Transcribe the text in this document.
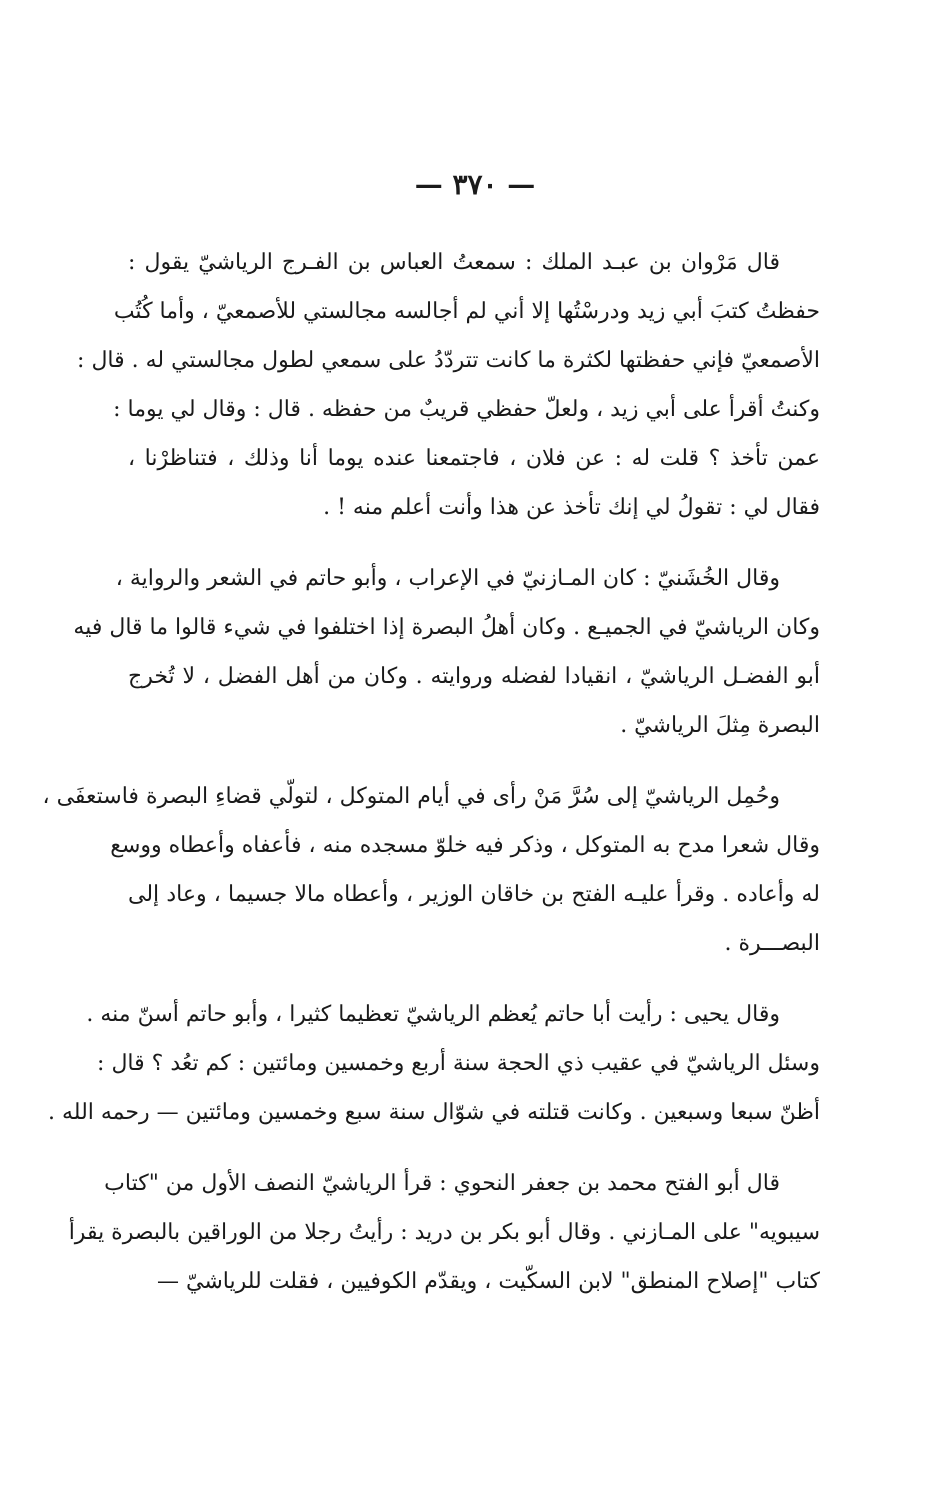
— ٣٧٠ —
قال مَرْوان بن عبـد الملك : سمعتُ العباس بن الفـرج الرياشيّ يقول :
حفظتُ كتبَ أبي زيد ودرسْتُها إلا أني لم أجالسه مجالستي للأصمعيّ ، وأما كُتُب
الأصمعيّ فإني حفظتها لكثرة ما كانت تتردّدُ على سمعي لطول مجالستي له . قال :
وكنتُ أقرأ على أبي زيد ، ولعلّ حفظي قريبٌ من حفظه . قال : وقال لي يوما :
عمن تأخذ ؟ قلت له : عن فلان ، فاجتمعنا عنده يوما أنا وذلك ، فتناظرْنا ،
فقال لي : تقولُ لي إنك تأخذ عن هذا وأنت أعلم منه ! .
وقال الخُشَنيّ : كان المـازنيّ في الإعراب ، وأبو حاتم في الشعر والرواية ،
وكان الرياشيّ في الجميـع . وكان أهلُ البصرة إذا اختلفوا في شيء قالوا ما قال فيه
أبو الفضـل الرياشيّ ، انقيادا لفضله وروايته . وكان من أهل الفضل ، لا تُخرج
البصرة مِثلَ الرياشيّ .
وحُمِل الرياشيّ إلى سُرَّ مَنْ رأى في أيام المتوكل ، لتولّي قضاءِ البصرة فاستعفَى ،
وقال شعرا مدح به المتوكل ، وذكر فيه خلوّ مسجده منه ، فأعفاه وأعطاه ووسع
له وأعاده . وقرأ عليـه الفتح بن خاقان الوزير ، وأعطاه مالا جسيما ، وعاد إلى
البصـــرة .
وقال يحيى : رأيت أبا حاتم يُعظم الرياشيّ تعظيما كثيرا ، وأبو حاتم أسنّ منه .
وسئل الرياشيّ في عقيب ذي الحجة سنة أربع وخمسين ومائتين : كم تعُد ؟ قال :
أظنّ سبعا وسبعين . وكانت قتلته في شوّال سنة سبع وخمسين ومائتين — رحمه الله .
قال أبو الفتح محمد بن جعفر النحوي : قرأ الرياشيّ النصف الأول من "كتاب
سيبويه" على المـازني . وقال أبو بكر بن دريد : رأيتُ رجلا من الوراقين بالبصرة يقرأ
كتاب "إصلاح المنطق" لابن السكّيت ، ويقدّم الكوفيين ، فقلت للرياشيّ —
